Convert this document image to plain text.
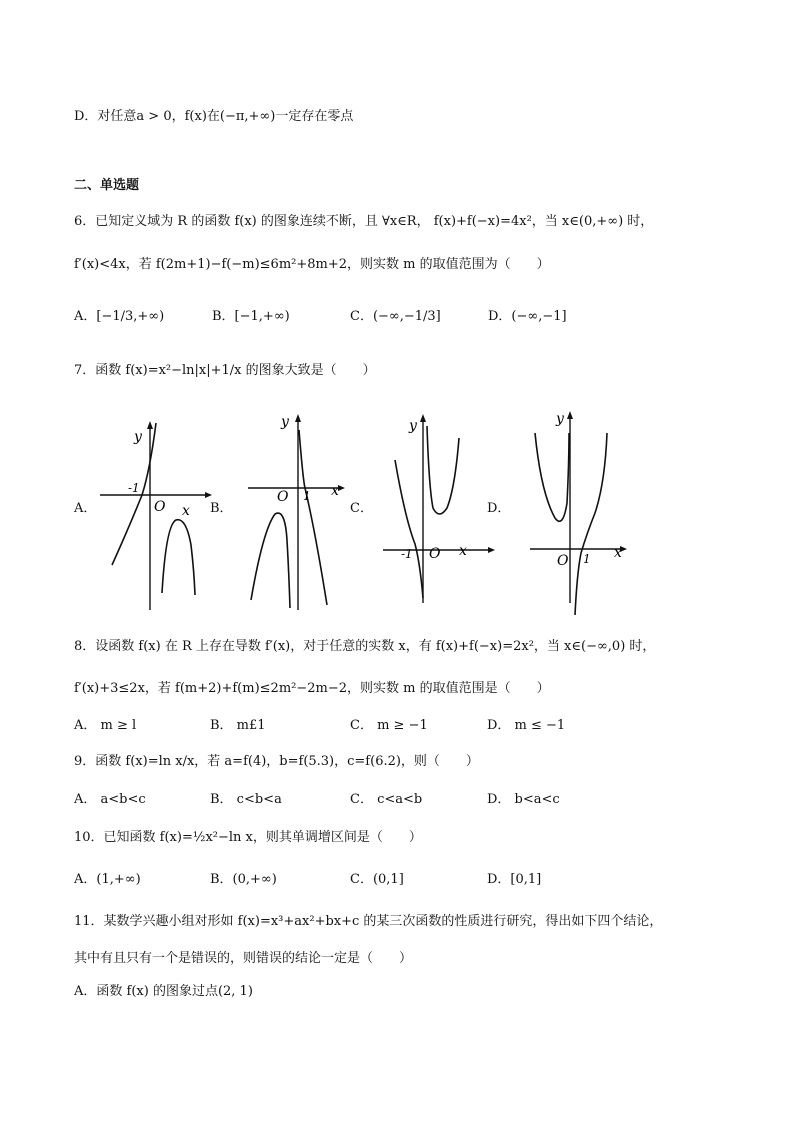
D．对任意a > 0，f(x)在(−π,+∞)一定存在零点
二、单选题
6．已知定义域为 R 的函数 f(x) 的图象连续不断，且 ∀x∈R， f(x)+f(−x)=4x²，当 x∈(0,+∞) 时，
f′(x)<4x，若 f(2m+1)−f(−m)≤6m²+8m+2，则实数 m 的取值范围为（　　）
A．[−1/3,+∞)	B．[−1,+∞)	C．(−∞,−1/3]	D．(−∞,−1]
7．函数 f(x)=x²−ln|x|+1/x 的图象大致是（　　）
A．	B．	C．	D．
y
x
O
-1
y
x
O 1
y
x
O
-1
y
x
O 1
8．设函数 f(x) 在 R 上存在导数 f′(x)，对于任意的实数 x，有 f(x)+f(−x)=2x²，当 x∈(−∞,0) 时，
f′(x)+3≤2x，若 f(m+2)+f(m)≤2m²−2m−2，则实数 m 的取值范围是（　　）
A． m ≥ l	B． m£1	C． m ≥ −1	D． m ≤ −1
9．函数 f(x)=ln x/x，若 a=f(4)，b=f(5.3)，c=f(6.2)，则（　　）
A． a<b<c	B． c<b<a	C． c<a<b	D． b<a<c
10．已知函数 f(x)=½x²−ln x，则其单调增区间是（　　）
A．(1,+∞)	B．(0,+∞)	C．(0,1]	D．[0,1]
11．某数学兴趣小组对形如 f(x)=x³+ax²+bx+c 的某三次函数的性质进行研究，得出如下四个结论，
其中有且只有一个是错误的，则错误的结论一定是（　　）
A．函数 f(x) 的图象过点(2, 1)
